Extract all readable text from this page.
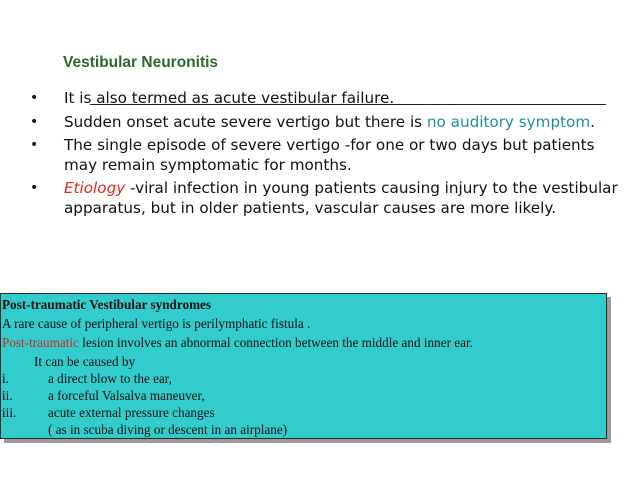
Vestibular Neuronitis
• It is also termed as acute vestibular failure.
• Sudden onset acute severe vertigo but there is no auditory symptom.
• The single episode of severe vertigo -for one or two days but patients may remain symptomatic for months.
• Etiology -viral infection in young patients causing injury to the vestibular apparatus, but in older patients, vascular causes are more likely.
Post-traumatic Vestibular syndromes
A rare cause of peripheral vertigo is perilymphatic fistula .
Post-traumatic lesion involves an abnormal connection between the middle and inner ear.
It can be caused by
i.	a direct blow to the ear,
ii.	a forceful Valsalva maneuver,
iii. acute external pressure changes
( as in scuba diving or descent in an airplane)
